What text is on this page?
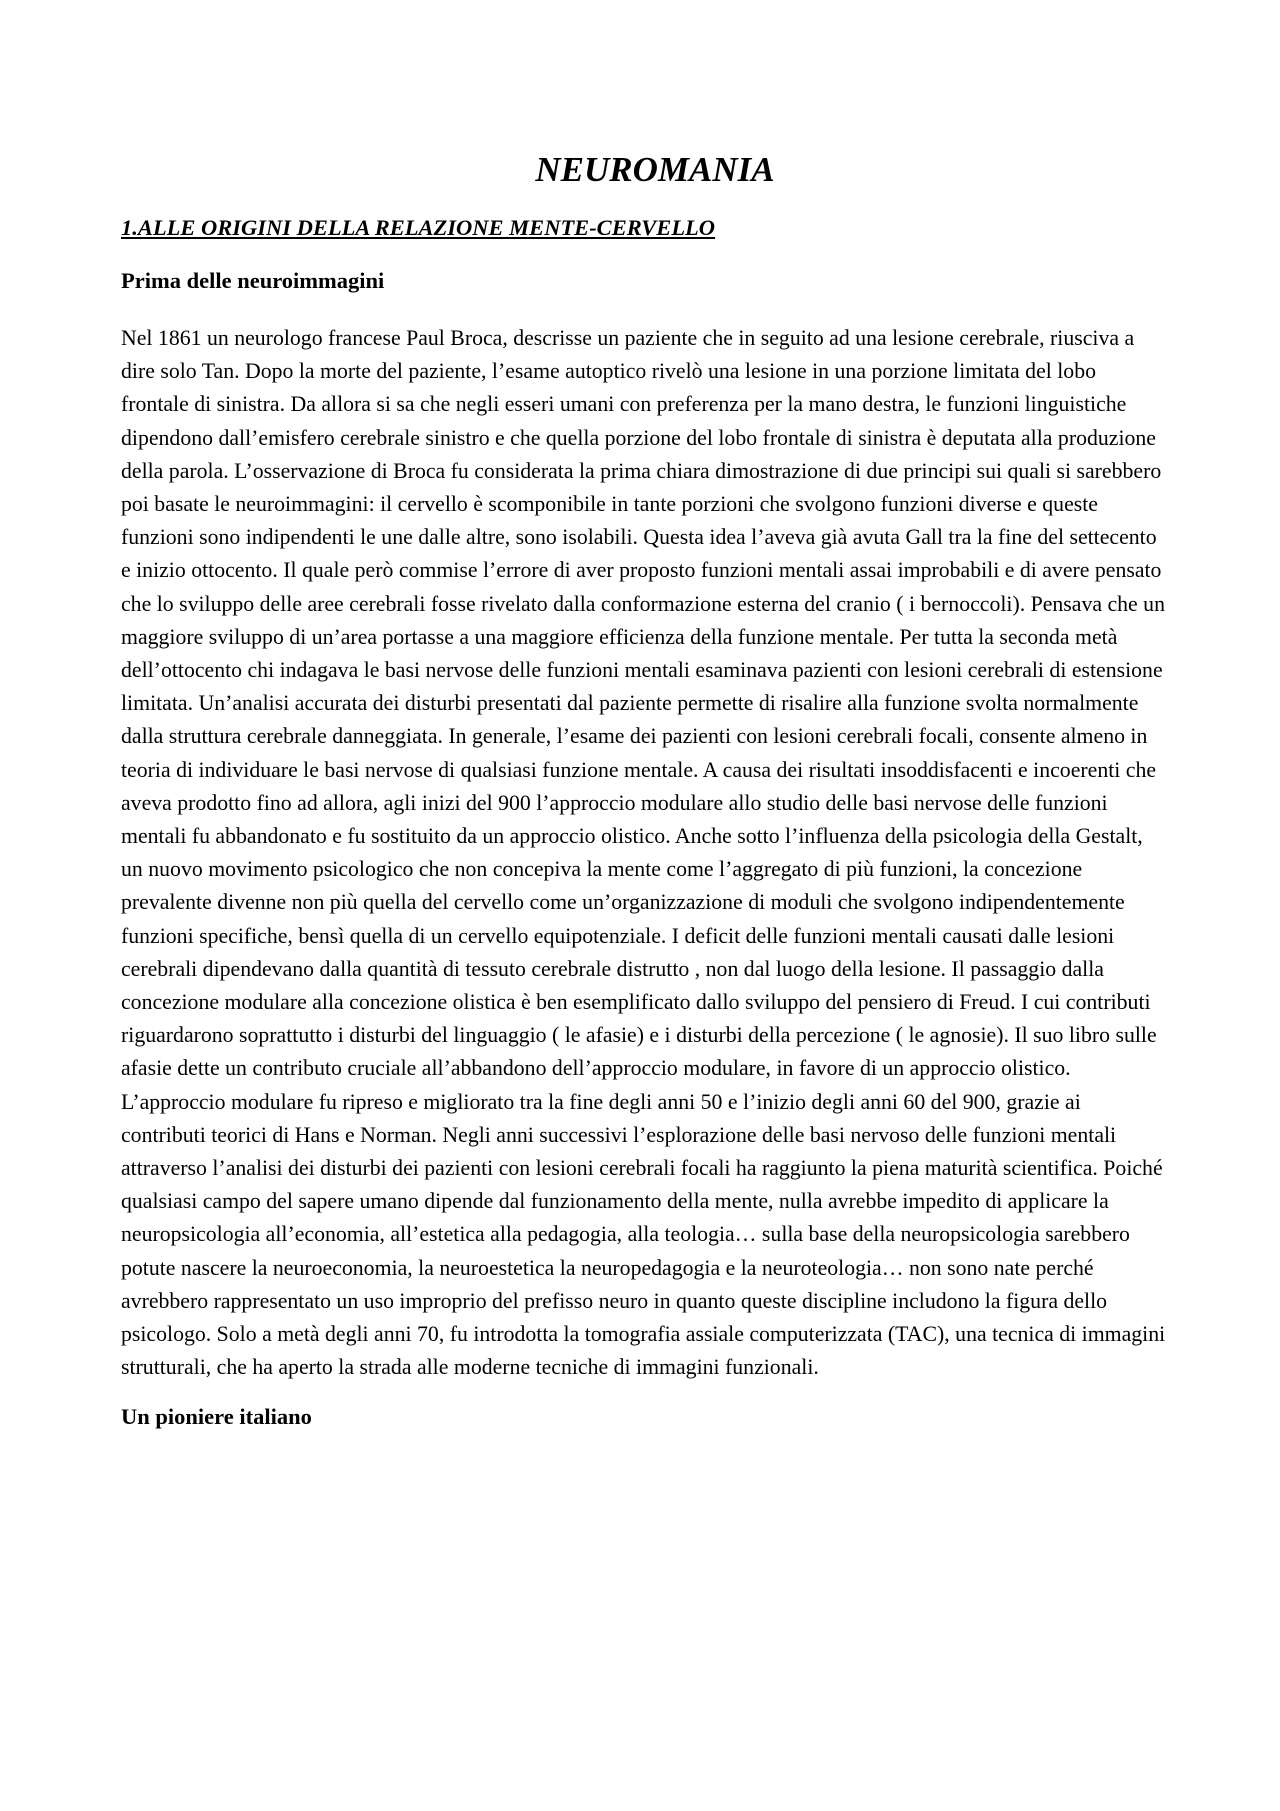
NEUROMANIA
1.ALLE ORIGINI DELLA RELAZIONE MENTE-CERVELLO
Prima delle neuroimmagini

Nel 1861 un neurologo francese Paul Broca, descrisse un paziente che in seguito ad una lesione cerebrale, riusciva a dire solo Tan. Dopo la morte del paziente, l’esame autoptico rivelò una lesione in una porzione limitata del lobo frontale di sinistra. Da allora si sa che negli esseri umani con preferenza per la mano destra, le funzioni linguistiche dipendono dall’emisfero cerebrale sinistro e che quella porzione del lobo frontale di sinistra è deputata alla produzione della parola. L’osservazione di Broca fu considerata la prima chiara dimostrazione di due principi sui quali si sarebbero poi basate le neuroimmagini: il cervello è scomponibile in tante porzioni che svolgono funzioni diverse e queste funzioni sono indipendenti le une dalle altre, sono isolabili. Questa idea l’aveva già avuta Gall tra la fine del settecento e inizio ottocento. Il quale però commise l’errore di aver proposto funzioni mentali assai improbabili e di avere pensato che lo sviluppo delle aree cerebrali fosse rivelato dalla conformazione esterna del cranio ( i bernoccoli). Pensava che un maggiore sviluppo di un’area portasse a una maggiore efficienza della funzione mentale. Per tutta la seconda metà dell’ottocento chi indagava le basi nervose delle funzioni mentali esaminava pazienti con lesioni cerebrali di estensione limitata. Un’analisi accurata dei disturbi presentati dal paziente permette di risalire alla funzione svolta normalmente dalla struttura cerebrale danneggiata. In generale, l’esame dei pazienti con lesioni cerebrali focali, consente almeno in teoria di individuare le basi nervose di qualsiasi funzione mentale. A causa dei risultati insoddisfacenti e incoerenti che aveva prodotto fino ad allora, agli inizi del 900 l’approccio modulare allo studio delle basi nervose delle funzioni mentali fu abbandonato e fu sostituito da un approccio olistico. Anche sotto l’influenza della psicologia della Gestalt, un nuovo movimento psicologico che non concepiva la mente come l’aggregato di più funzioni, la concezione prevalente divenne non più quella del cervello come un’organizzazione di moduli che svolgono indipendentemente funzioni specifiche, bensì quella di un cervello equipotenziale. I deficit delle funzioni mentali causati dalle lesioni cerebrali dipendevano dalla quantità di tessuto cerebrale distrutto , non dal luogo della lesione. Il passaggio dalla concezione modulare alla concezione olistica è ben esemplificato dallo sviluppo del pensiero di Freud. I cui contributi riguardarono soprattutto i disturbi del linguaggio ( le afasie) e i disturbi della percezione ( le agnosie). Il suo libro sulle afasie dette un contributo cruciale all’abbandono dell’approccio modulare, in favore di un approccio olistico. L’approccio modulare fu ripreso e migliorato tra la fine degli anni 50 e l’inizio degli anni 60 del 900, grazie ai contributi teorici di Hans e Norman. Negli anni successivi l’esplorazione delle basi nervoso delle funzioni mentali attraverso l’analisi dei disturbi dei pazienti con lesioni cerebrali focali ha raggiunto la piena maturità scientifica. Poiché qualsiasi campo del sapere umano dipende dal funzionamento della mente, nulla avrebbe impedito di applicare la neuropsicologia all’economia, all’estetica alla pedagogia, alla teologia… sulla base della neuropsicologia sarebbero potute nascere la neuroeconomia, la neuroestetica la neuropedagogia e la neuroteologia… non sono nate perché avrebbero rappresentato un uso improprio del prefisso neuro in quanto queste discipline includono la figura dello psicologo. Solo a metà degli anni 70, fu introdotta la tomografia assiale computerizzata (TAC), una tecnica di immagini strutturali, che ha aperto la strada alle moderne tecniche di immagini funzionali.

Un pioniere italiano
